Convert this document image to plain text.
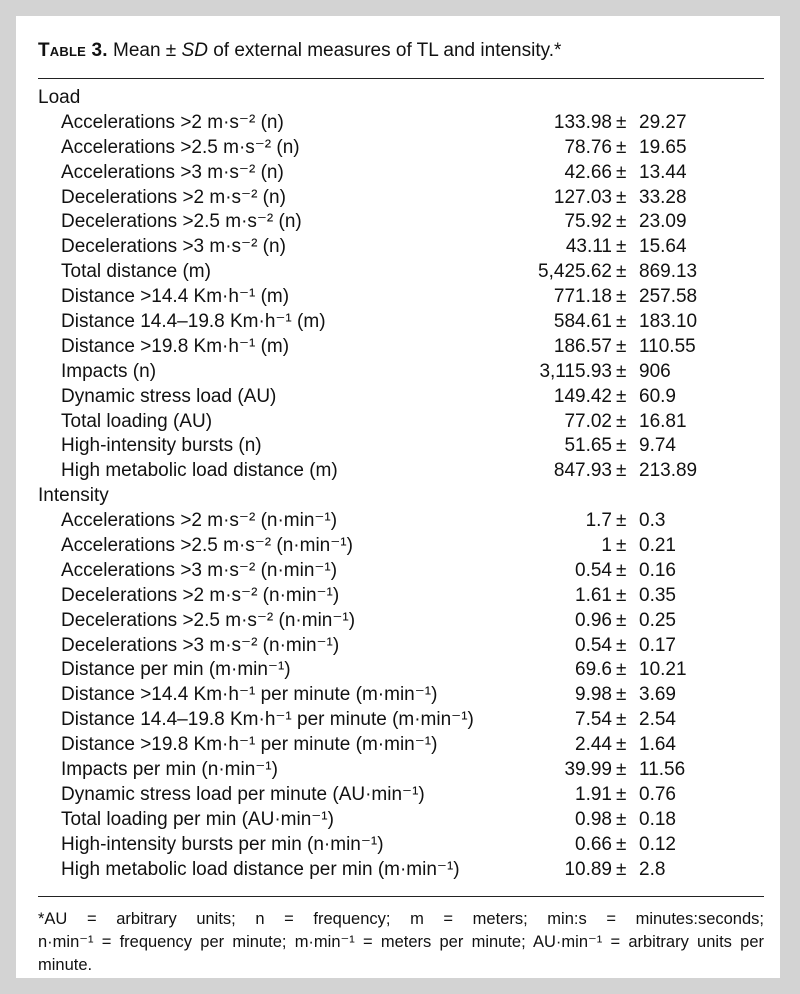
Table 3. Mean ± SD of external measures of TL and intensity.*
Load
Accelerations >2 m·s⁻² (n)	133.98 ± 29.27
Accelerations >2.5 m·s⁻² (n)	78.76 ± 19.65
Accelerations >3 m·s⁻² (n)	42.66 ± 13.44
Decelerations >2 m·s⁻² (n)	127.03 ± 33.28
Decelerations >2.5 m·s⁻² (n)	75.92 ± 23.09
Decelerations >3 m·s⁻² (n)	43.11 ± 15.64
Total distance (m)	5,425.62 ± 869.13
Distance >14.4 Km·h⁻¹ (m)	771.18 ± 257.58
Distance 14.4–19.8 Km·h⁻¹ (m)	584.61 ± 183.10
Distance >19.8 Km·h⁻¹ (m)	186.57 ± 110.55
Impacts (n)	3,115.93 ± 906
Dynamic stress load (AU)	149.42 ± 60.9
Total loading (AU)	77.02 ± 16.81
High-intensity bursts (n)	51.65 ± 9.74
High metabolic load distance (m)	847.93 ± 213.89
Intensity
Accelerations >2 m·s⁻² (n·min⁻¹)	1.7 ± 0.3
Accelerations >2.5 m·s⁻² (n·min⁻¹)	1 ± 0.21
Accelerations >3 m·s⁻² (n·min⁻¹)	0.54 ± 0.16
Decelerations >2 m·s⁻² (n·min⁻¹)	1.61 ± 0.35
Decelerations >2.5 m·s⁻² (n·min⁻¹)	0.96 ± 0.25
Decelerations >3 m·s⁻² (n·min⁻¹)	0.54 ± 0.17
Distance per min (m·min⁻¹)	69.6 ± 10.21
Distance >14.4 Km·h⁻¹ per minute (m·min⁻¹)	9.98 ± 3.69
Distance 14.4–19.8 Km·h⁻¹ per minute (m·min⁻¹)	7.54 ± 2.54
Distance >19.8 Km·h⁻¹ per minute (m·min⁻¹)	2.44 ± 1.64
Impacts per min (n·min⁻¹)	39.99 ± 11.56
Dynamic stress load per minute (AU·min⁻¹)	1.91 ± 0.76
Total loading per min (AU·min⁻¹)	0.98 ± 0.18
High-intensity bursts per min (n·min⁻¹)	0.66 ± 0.12
High metabolic load distance per min (m·min⁻¹)	10.89 ± 2.8
*AU = arbitrary units; n = frequency; m = meters; min:s = minutes:seconds;
n·min⁻¹ = frequency per minute; m·min⁻¹ = meters per minute; AU·min⁻¹ = arbitrary units per minute.
